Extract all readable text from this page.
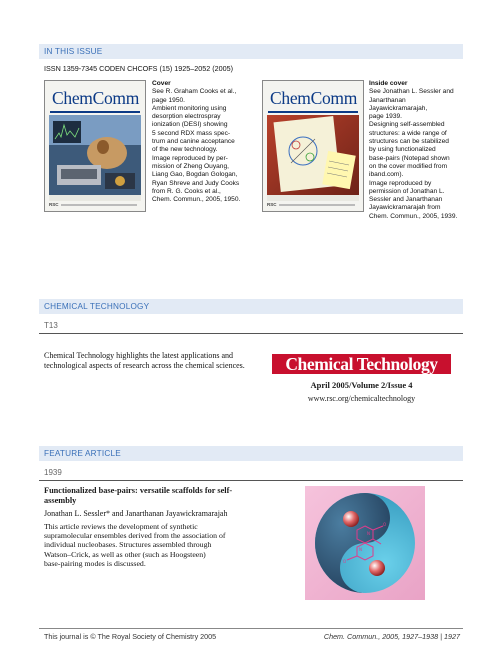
IN THIS ISSUE
ISSN 1359-7345 CODEN CHCOFS (15) 1925–2052 (2005)
ChemComm
RSC
Cover

See R. Graham Cooks et al.,

page 1950.

Ambient monitoring using

desorption electrospray

ionization (DESI) showing

5 second RDX mass spec-

trum and canine acceptance

of the new technology.

Image reproduced by per-

mission of Zheng Ouyang,

Liang Gao, Bogdan Gologan,

Ryan Shreve and Judy Cooks

from R. G. Cooks et al.,

Chem. Commun., 2005, 1950.

ChemComm
RSC
Inside cover

See Jonathan L. Sessler and

Janarthanan Jayawickramarajah,

page 1939.

Designing self-assembled

structures: a wide range of

structures can be stabilized

by using functionalized

base-pairs (Notepad shown

on the cover modified from

iband.com).

Image reproduced by

permission of Jonathan L.

Sessler and Janarthanan

Jayawickramarajah from

Chem. Commun., 2005, 1939.

CHEMICAL TECHNOLOGY
T13
Chemical Technology highlights the latest applications and
technological aspects of research across the chemical sciences.	Chemical Technology
April 2005/Volume 2/Issue 4
www.rsc.org/chemicaltechnology
FEATURE ARTICLE
1939
Functionalized base-pairs: versatile scaffolds for self-
assembly
Jonathan L. Sessler* and Janarthanan Jayawickramarajah
This article reviews the development of synthetic
supramolecular ensembles derived from the association of
individual nucleobases. Structures assembled through
Watson–Crick, as well as other (such as Hoogsteen)
base-pairing modes is discussed.
N
N
O
O
This journal is © The Royal Society of Chemistry 2005	Chem. Commun., 2005, 1927–1938 | 1927
